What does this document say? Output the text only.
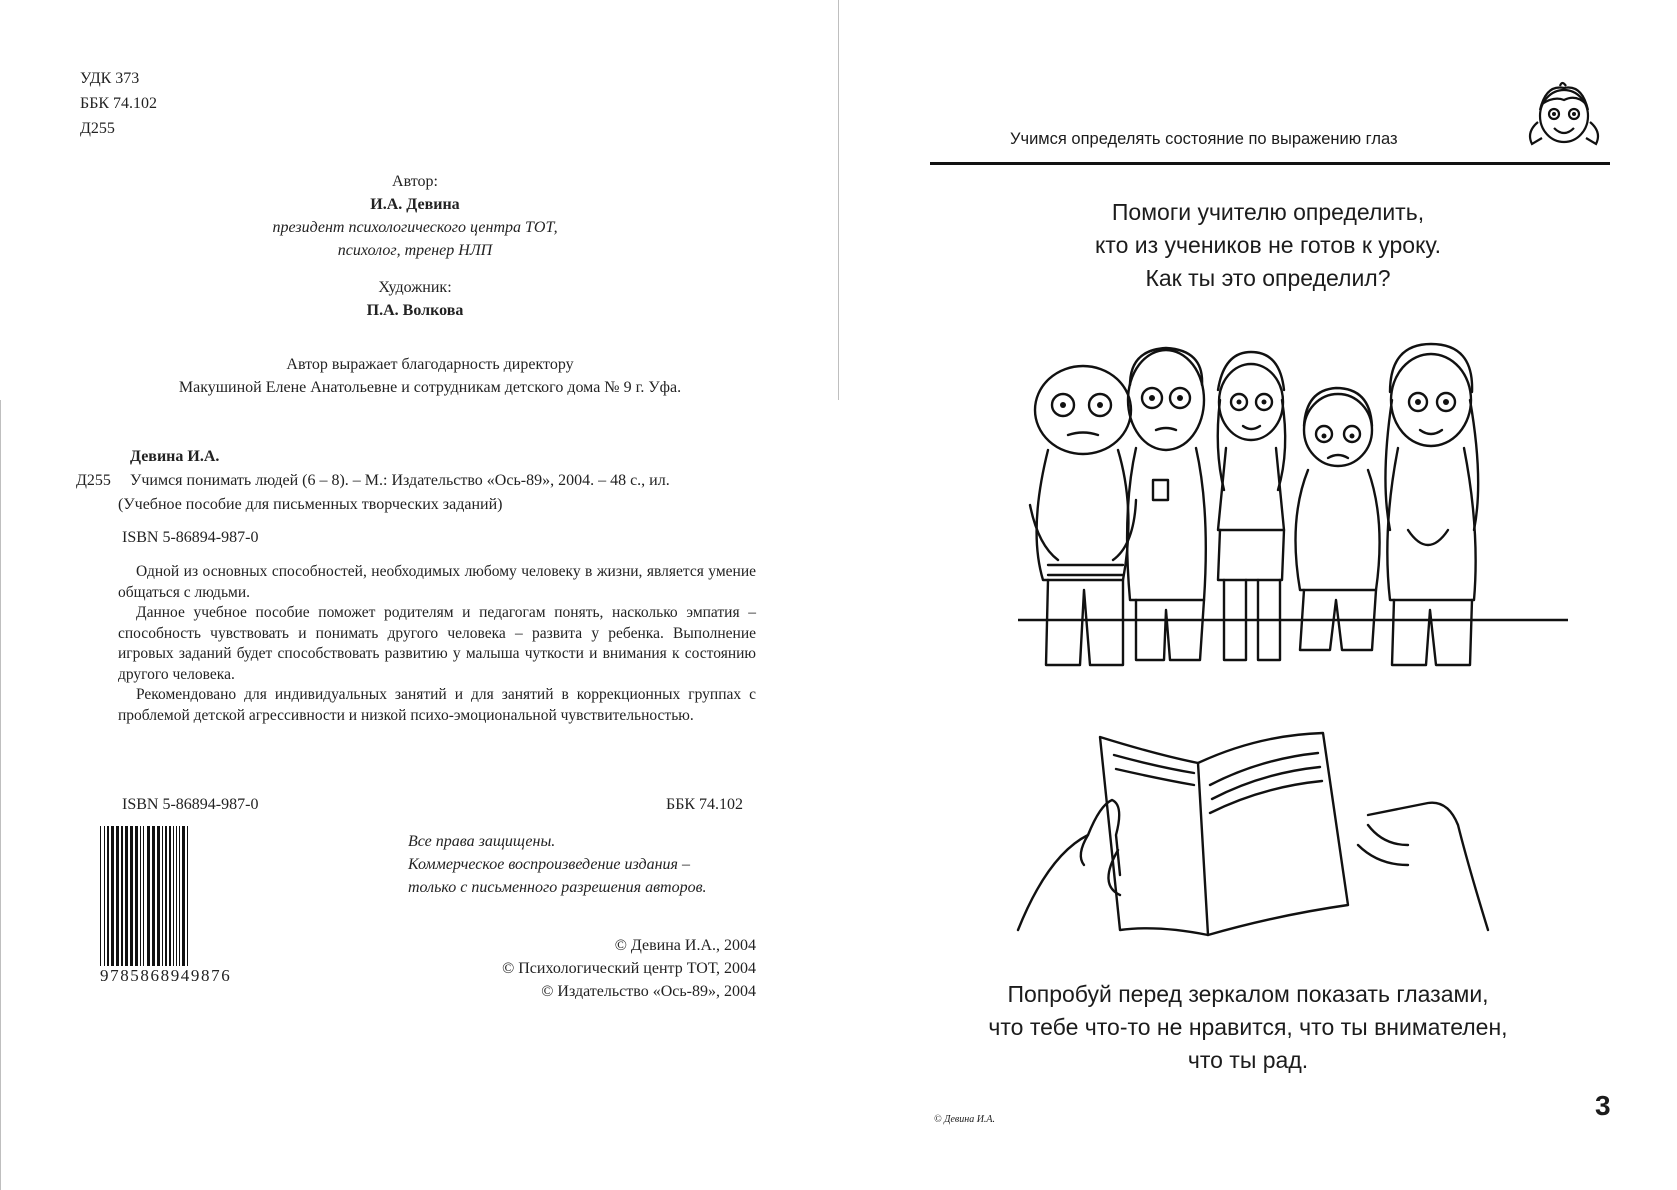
УДК 373
ББК 74.102
Д255
Автор:
И.А. Девина
президент психологического центра ТОТ,
психолог, тренер НЛП
Художник:
П.А. Волкова
Автор выражает благодарность директору
Макушиной Елене Анатольевне и сотрудникам детского дома № 9 г. Уфа.
Девина И.А.
Д255 Учимся понимать людей (6 – 8). – М.: Издательство «Ось-89», 2004. – 48 с., ил.
(Учебное пособие для письменных творческих заданий)
ISBN 5-86894-987-0

Одной из основных способностей, необходимых любому человеку в жизни, является умение общаться с людьми.

Данное учебное пособие поможет родителям и педагогам понять, насколько эмпатия – способность чувствовать и понимать другого человека – развита у ребенка. Выполнение игровых заданий будет способствовать развитию у малыша чуткости и внимания к состоянию другого человека.

Рекомендовано для индивидуальных занятий и для занятий в коррекционных группах с проблемой детской агрессивности и низкой психо-эмоциональной чувствительностью.

ISBN 5-86894-987-0	ББК 74.102
9785868949876
Все права защищены.
Коммерческое воспроизведение издания –
только с письменного разрешения авторов.
© Девина И.А., 2004
© Психологический центр ТОТ, 2004
© Издательство «Ось-89», 2004
Учимся определять состояние по выражению глаз
Помоги учителю определить,
кто из учеников не готов к уроку.
Как ты это определил?
Попробуй перед зеркалом показать глазами,
что тебе что-то не нравится, что ты внимателен,
что ты рад.
© Девина И.А.	3
